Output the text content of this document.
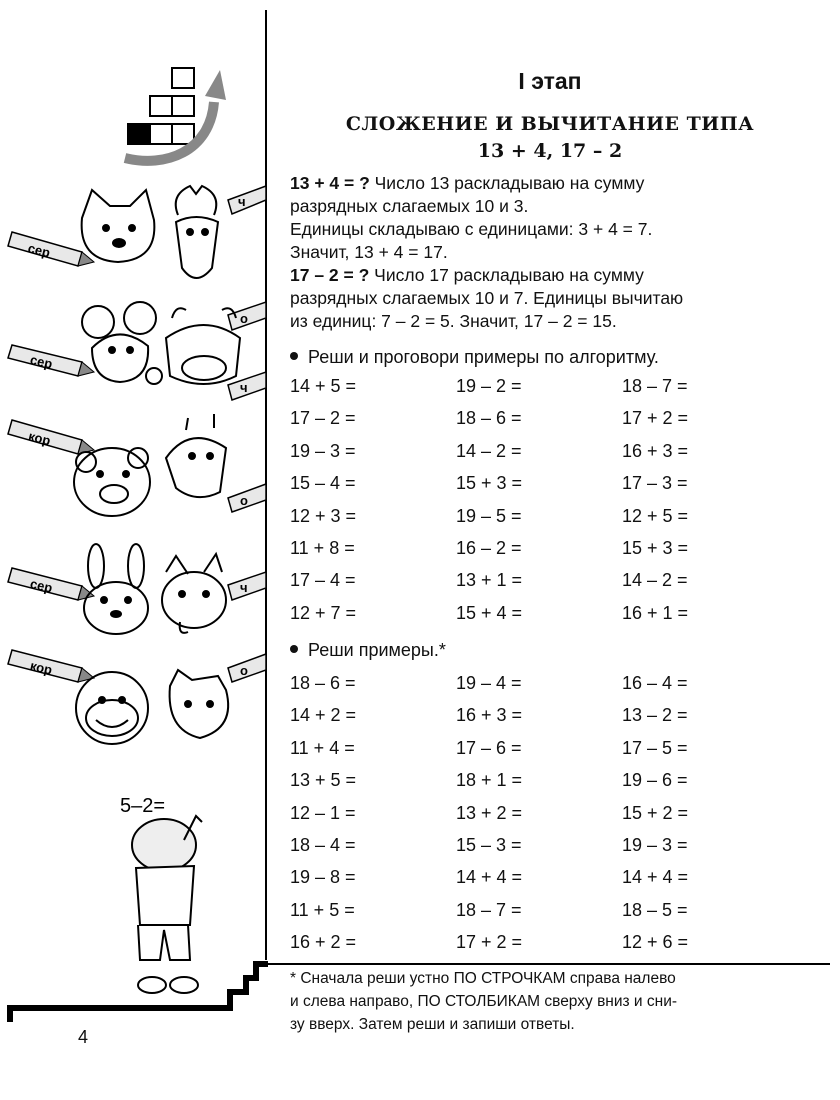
сер
ч
сер
о
ч
кор
о
сер	ч
кор	о
5–2=
I этап
СЛОЖЕНИЕ И ВЫЧИТАНИЕ ТИПА
13 + 4, 17 – 2
13 + 4 = ? Число 13 раскладываю на сумму
разрядных слагаемых 10 и 3.
Единицы складываю с единицами: 3 + 4 = 7.
Значит, 13 + 4 = 17.
17 – 2 = ? Число 17 раскладываю на сумму
разрядных слагаемых 10 и 7. Единицы вычитаю
из единиц: 7 – 2 = 5. Значит, 17 – 2 = 15.
Реши и проговори примеры по алгоритму.
14 + 5 =	19 – 2 =	18 – 7 =
17 – 2 =	18 – 6 =	17 + 2 =
19 – 3 =	14 – 2 =	16 + 3 =
15 – 4 =	15 + 3 =	17 – 3 =
12 + 3 =	19 – 5 =	12 + 5 =
11 + 8 =	16 – 2 =	15 + 3 =
17 – 4 =	13 + 1 =	14 – 2 =
12 + 7 =	15 + 4 =	16 + 1 =
Реши примеры.*
18 – 6 =	19 – 4 =	16 – 4 =
14 + 2 =	16 + 3 =	13 – 2 =
11 + 4 =	17 – 6 =	17 – 5 =
13 + 5 =	18 + 1 =	19 – 6 =
12 – 1 =	13 + 2 =	15 + 2 =
18 – 4 =	15 – 3 =	19 – 3 =
19 – 8 =	14 + 4 =	14 + 4 =
11 + 5 =	18 – 7 =	18 – 5 =
16 + 2 =	17 + 2 =	12 + 6 =
* Сначала реши устно ПО СТРОЧКАМ справа налево
и слева направо, ПО СТОЛБИКАМ сверху вниз и сни-
зу вверх. Затем реши и запиши ответы.
4
